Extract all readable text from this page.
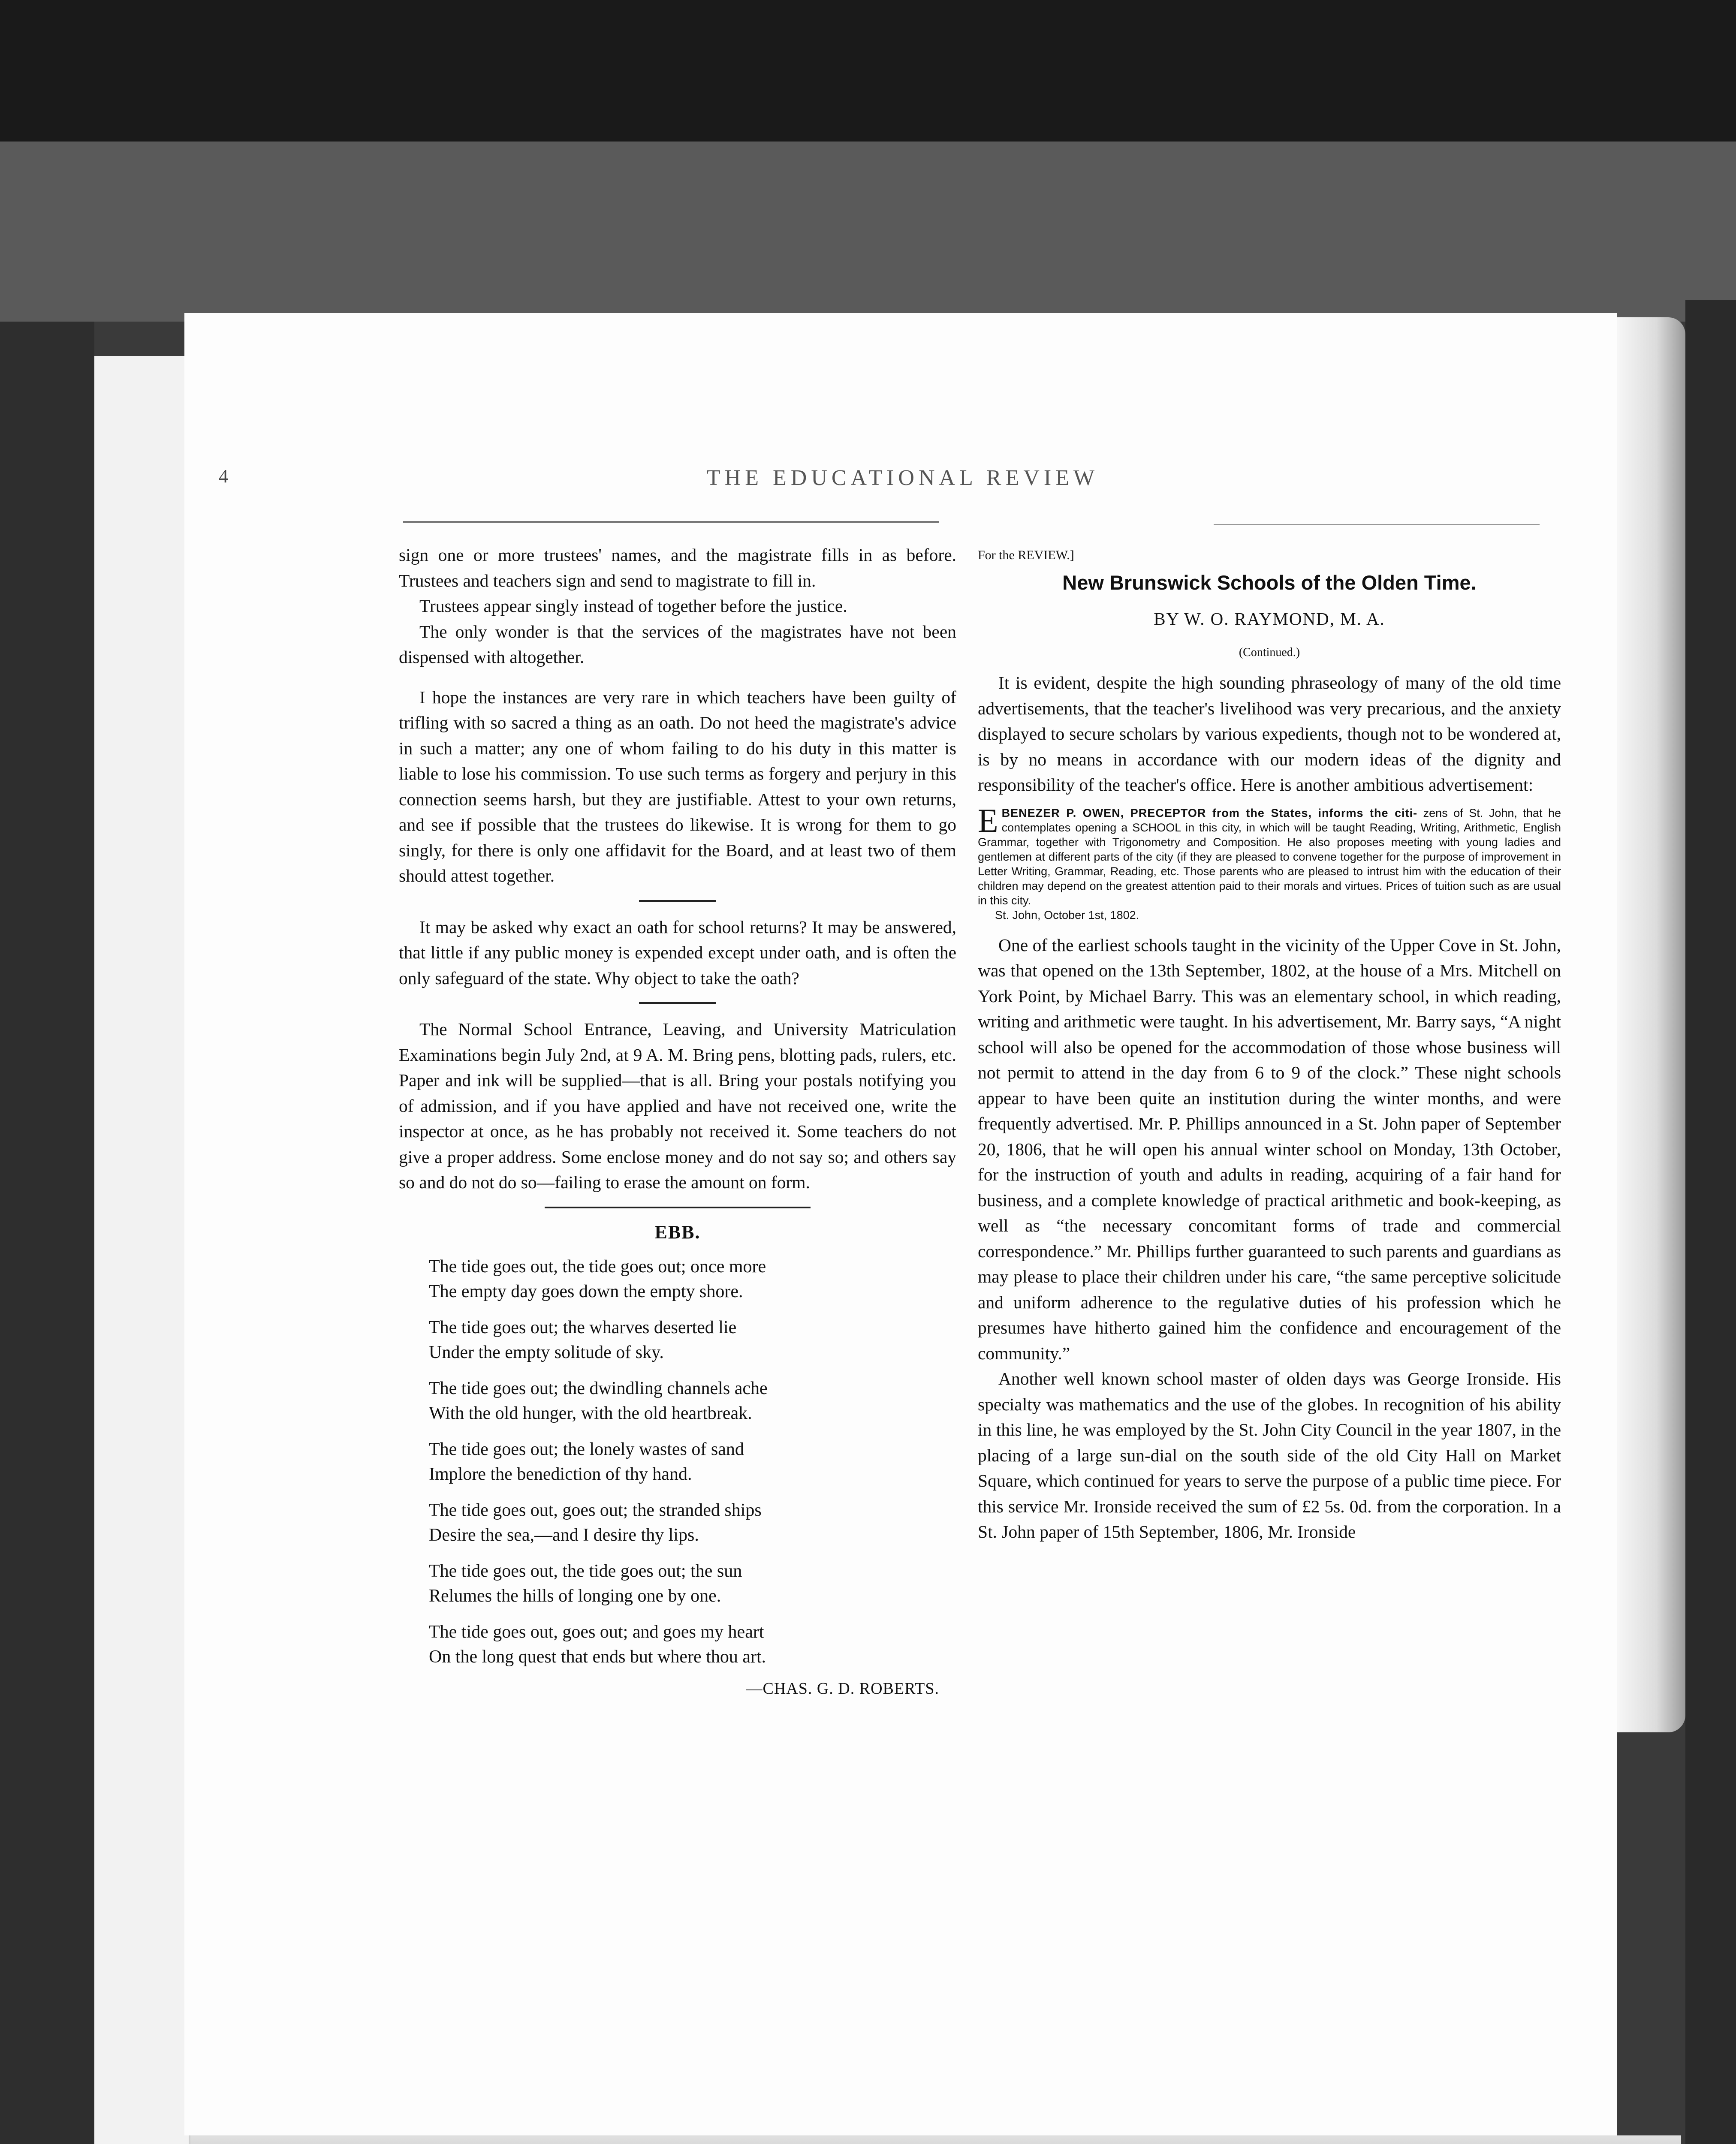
4	THE EDUCATIONAL REVIEW

sign one or more trustees' names, and the magistrate fills in as before. Trustees and teachers sign and send to magistrate to fill in.

Trustees appear singly instead of together before the justice.

The only wonder is that the services of the magistrates have not been dispensed with altogether.

I hope the instances are very rare in which teachers have been guilty of trifling with so sacred a thing as an oath. Do not heed the magistrate's advice in such a matter; any one of whom failing to do his duty in this matter is liable to lose his commission. To use such terms as forgery and perjury in this connection seems harsh, but they are justifiable. Attest to your own returns, and see if possible that the trustees do likewise. It is wrong for them to go singly, for there is only one affidavit for the Board, and at least two of them should attest together.

It may be asked why exact an oath for school returns? It may be answered, that little if any public money is expended except under oath, and is often the only safeguard of the state. Why object to take the oath?

The Normal School Entrance, Leaving, and University Matriculation Examinations begin July 2nd, at 9 A. M. Bring pens, blotting pads, rulers, etc. Paper and ink will be supplied—that is all. Bring your postals notifying you of admission, and if you have applied and have not received one, write the inspector at once, as he has probably not received it. Some teachers do not give a proper address. Some enclose money and do not say so; and others say so and do not do so—failing to erase the amount on form.

EBB.
The tide goes out, the tide goes out; once more
The empty day goes down the empty shore.
The tide goes out; the wharves deserted lie
Under the empty solitude of sky.
The tide goes out; the dwindling channels ache
With the old hunger, with the old heartbreak.
The tide goes out; the lonely wastes of sand
Implore the benediction of thy hand.
The tide goes out, goes out; the stranded ships
Desire the sea,—and I desire thy lips.
The tide goes out, the tide goes out; the sun
Relumes the hills of longing one by one.
The tide goes out, goes out; and goes my heart
On the long quest that ends but where thou art.
—CHAS. G. D. ROBERTS.
For the REVIEW.]
New Brunswick Schools of the Olden Time.
BY W. O. RAYMOND, M. A.
(Continued.)

It is evident, despite the high sounding phraseology of many of the old time advertisements, that the teacher's livelihood was very precarious, and the anxiety displayed to secure scholars by various expedients, though not to be wondered at, is by no means in accordance with our modern ideas of the dignity and responsibility of the teacher's office. Here is another ambitious advertisement:

E BENEZER P. OWEN, PRECEPTOR from the States, informs the citi- zens of St. John, that he contemplates opening a SCHOOL in this city, in which will be taught Reading, Writing, Arithmetic, English Grammar, together with Trigonometry and Composition. He also proposes meeting with young ladies and gentlemen at different parts of the city (if they are pleased to convene together for the purpose of improvement in Letter Writing, Grammar, Reading, etc. Those parents who are pleased to intrust him with the education of their children may depend on the greatest attention paid to their morals and virtues. Prices of tuition such as are usual in this city.
St. John, October 1st, 1802.

One of the earliest schools taught in the vicinity of the Upper Cove in St. John, was that opened on the 13th September, 1802, at the house of a Mrs. Mitchell on York Point, by Michael Barry. This was an elementary school, in which reading, writing and arithmetic were taught. In his advertisement, Mr. Barry says, “A night school will also be opened for the accommodation of those whose business will not permit to attend in the day from 6 to 9 of the clock.” These night schools appear to have been quite an institution during the winter months, and were frequently advertised. Mr. P. Phillips announced in a St. John paper of September 20, 1806, that he will open his annual winter school on Monday, 13th October, for the instruction of youth and adults in reading, acquiring of a fair hand for business, and a complete knowledge of practical arithmetic and book-keeping, as well as “the necessary concomitant forms of trade and commercial correspondence.” Mr. Phillips further guaranteed to such parents and guardians as may please to place their children under his care, “the same perceptive solicitude and uniform adherence to the regulative duties of his profession which he presumes have hitherto gained him the confidence and encouragement of the community.”

Another well known school master of olden days was George Ironside. His specialty was mathematics and the use of the globes. In recognition of his ability in this line, he was employed by the St. John City Council in the year 1807, in the placing of a large sun-dial on the south side of the old City Hall on Market Square, which continued for years to serve the purpose of a public time piece. For this service Mr. Ironside received the sum of £2 5s. 0d. from the corporation. In a St. John paper of 15th September, 1806, Mr. Ironside
